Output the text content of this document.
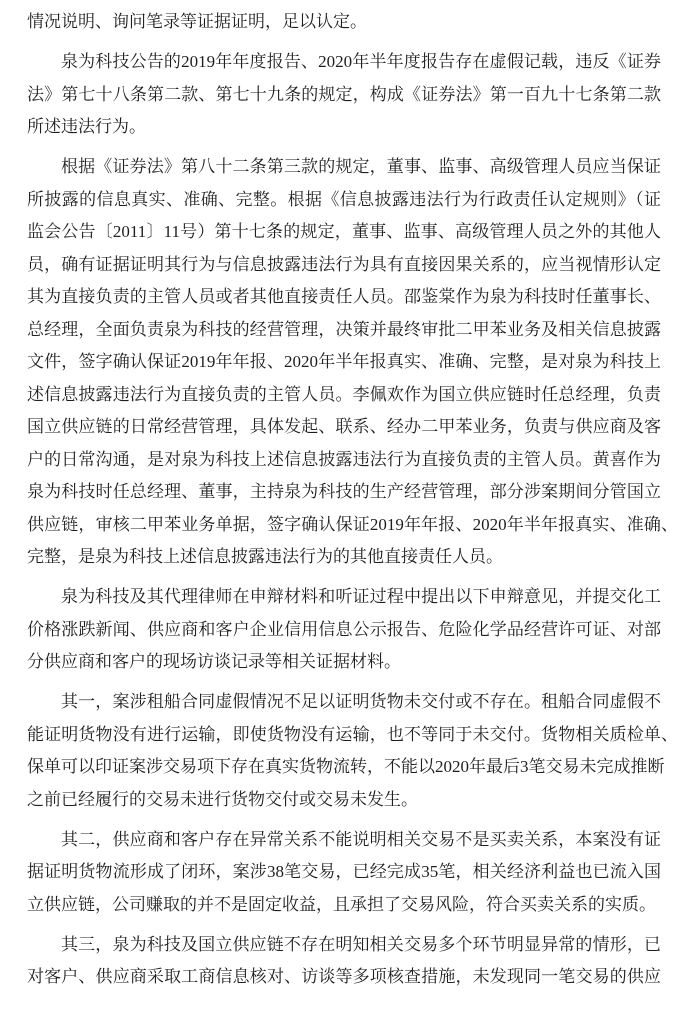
情况说明、询问笔录等证据证明，足以认定。
泉为科技公告的2019年年度报告、2020年半年度报告存在虚假记载，违反《证券
法》第七十八条第二款、第七十九条的规定，构成《证券法》第一百九十七条第二款
所述违法行为。
根据《证券法》第八十二条第三款的规定，董事、监事、高级管理人员应当保证
所披露的信息真实、准确、完整。根据《信息披露违法行为行政责任认定规则》（证
监会公告〔2011〕11号）第十七条的规定，董事、监事、高级管理人员之外的其他人
员，确有证据证明其行为与信息披露违法行为具有直接因果关系的，应当视情形认定
其为直接负责的主管人员或者其他直接责任人员。邵鉴棠作为泉为科技时任董事长、
总经理，全面负责泉为科技的经营管理，决策并最终审批二甲苯业务及相关信息披露
文件，签字确认保证2019年年报、2020年半年报真实、准确、完整，是对泉为科技上
述信息披露违法行为直接负责的主管人员。李佩欢作为国立供应链时任总经理，负责
国立供应链的日常经营管理，具体发起、联系、经办二甲苯业务，负责与供应商及客
户的日常沟通，是对泉为科技上述信息披露违法行为直接负责的主管人员。黄喜作为
泉为科技时任总经理、董事，主持泉为科技的生产经营管理，部分涉案期间分管国立
供应链，审核二甲苯业务单据，签字确认保证2019年年报、2020年半年报真实、准确、
完整，是泉为科技上述信息披露违法行为的其他直接责任人员。
泉为科技及其代理律师在申辩材料和听证过程中提出以下申辩意见，并提交化工
价格涨跌新闻、供应商和客户企业信用信息公示报告、危险化学品经营许可证、对部
分供应商和客户的现场访谈记录等相关证据材料。
其一，案涉租船合同虚假情况不足以证明货物未交付或不存在。租船合同虚假不
能证明货物没有进行运输，即使货物没有运输，也不等同于未交付。货物相关质检单、
保单可以印证案涉交易项下存在真实货物流转，不能以2020年最后3笔交易未完成推断
之前已经履行的交易未进行货物交付或交易未发生。
其二，供应商和客户存在异常关系不能说明相关交易不是买卖关系，本案没有证
据证明货物流形成了闭环，案涉38笔交易，已经完成35笔，相关经济利益也已流入国
立供应链，公司赚取的并不是固定收益，且承担了交易风险，符合买卖关系的实质。
其三，泉为科技及国立供应链不存在明知相关交易多个环节明显异常的情形，已
对客户、供应商采取工商信息核对、访谈等多项核查措施，未发现同一笔交易的供应
